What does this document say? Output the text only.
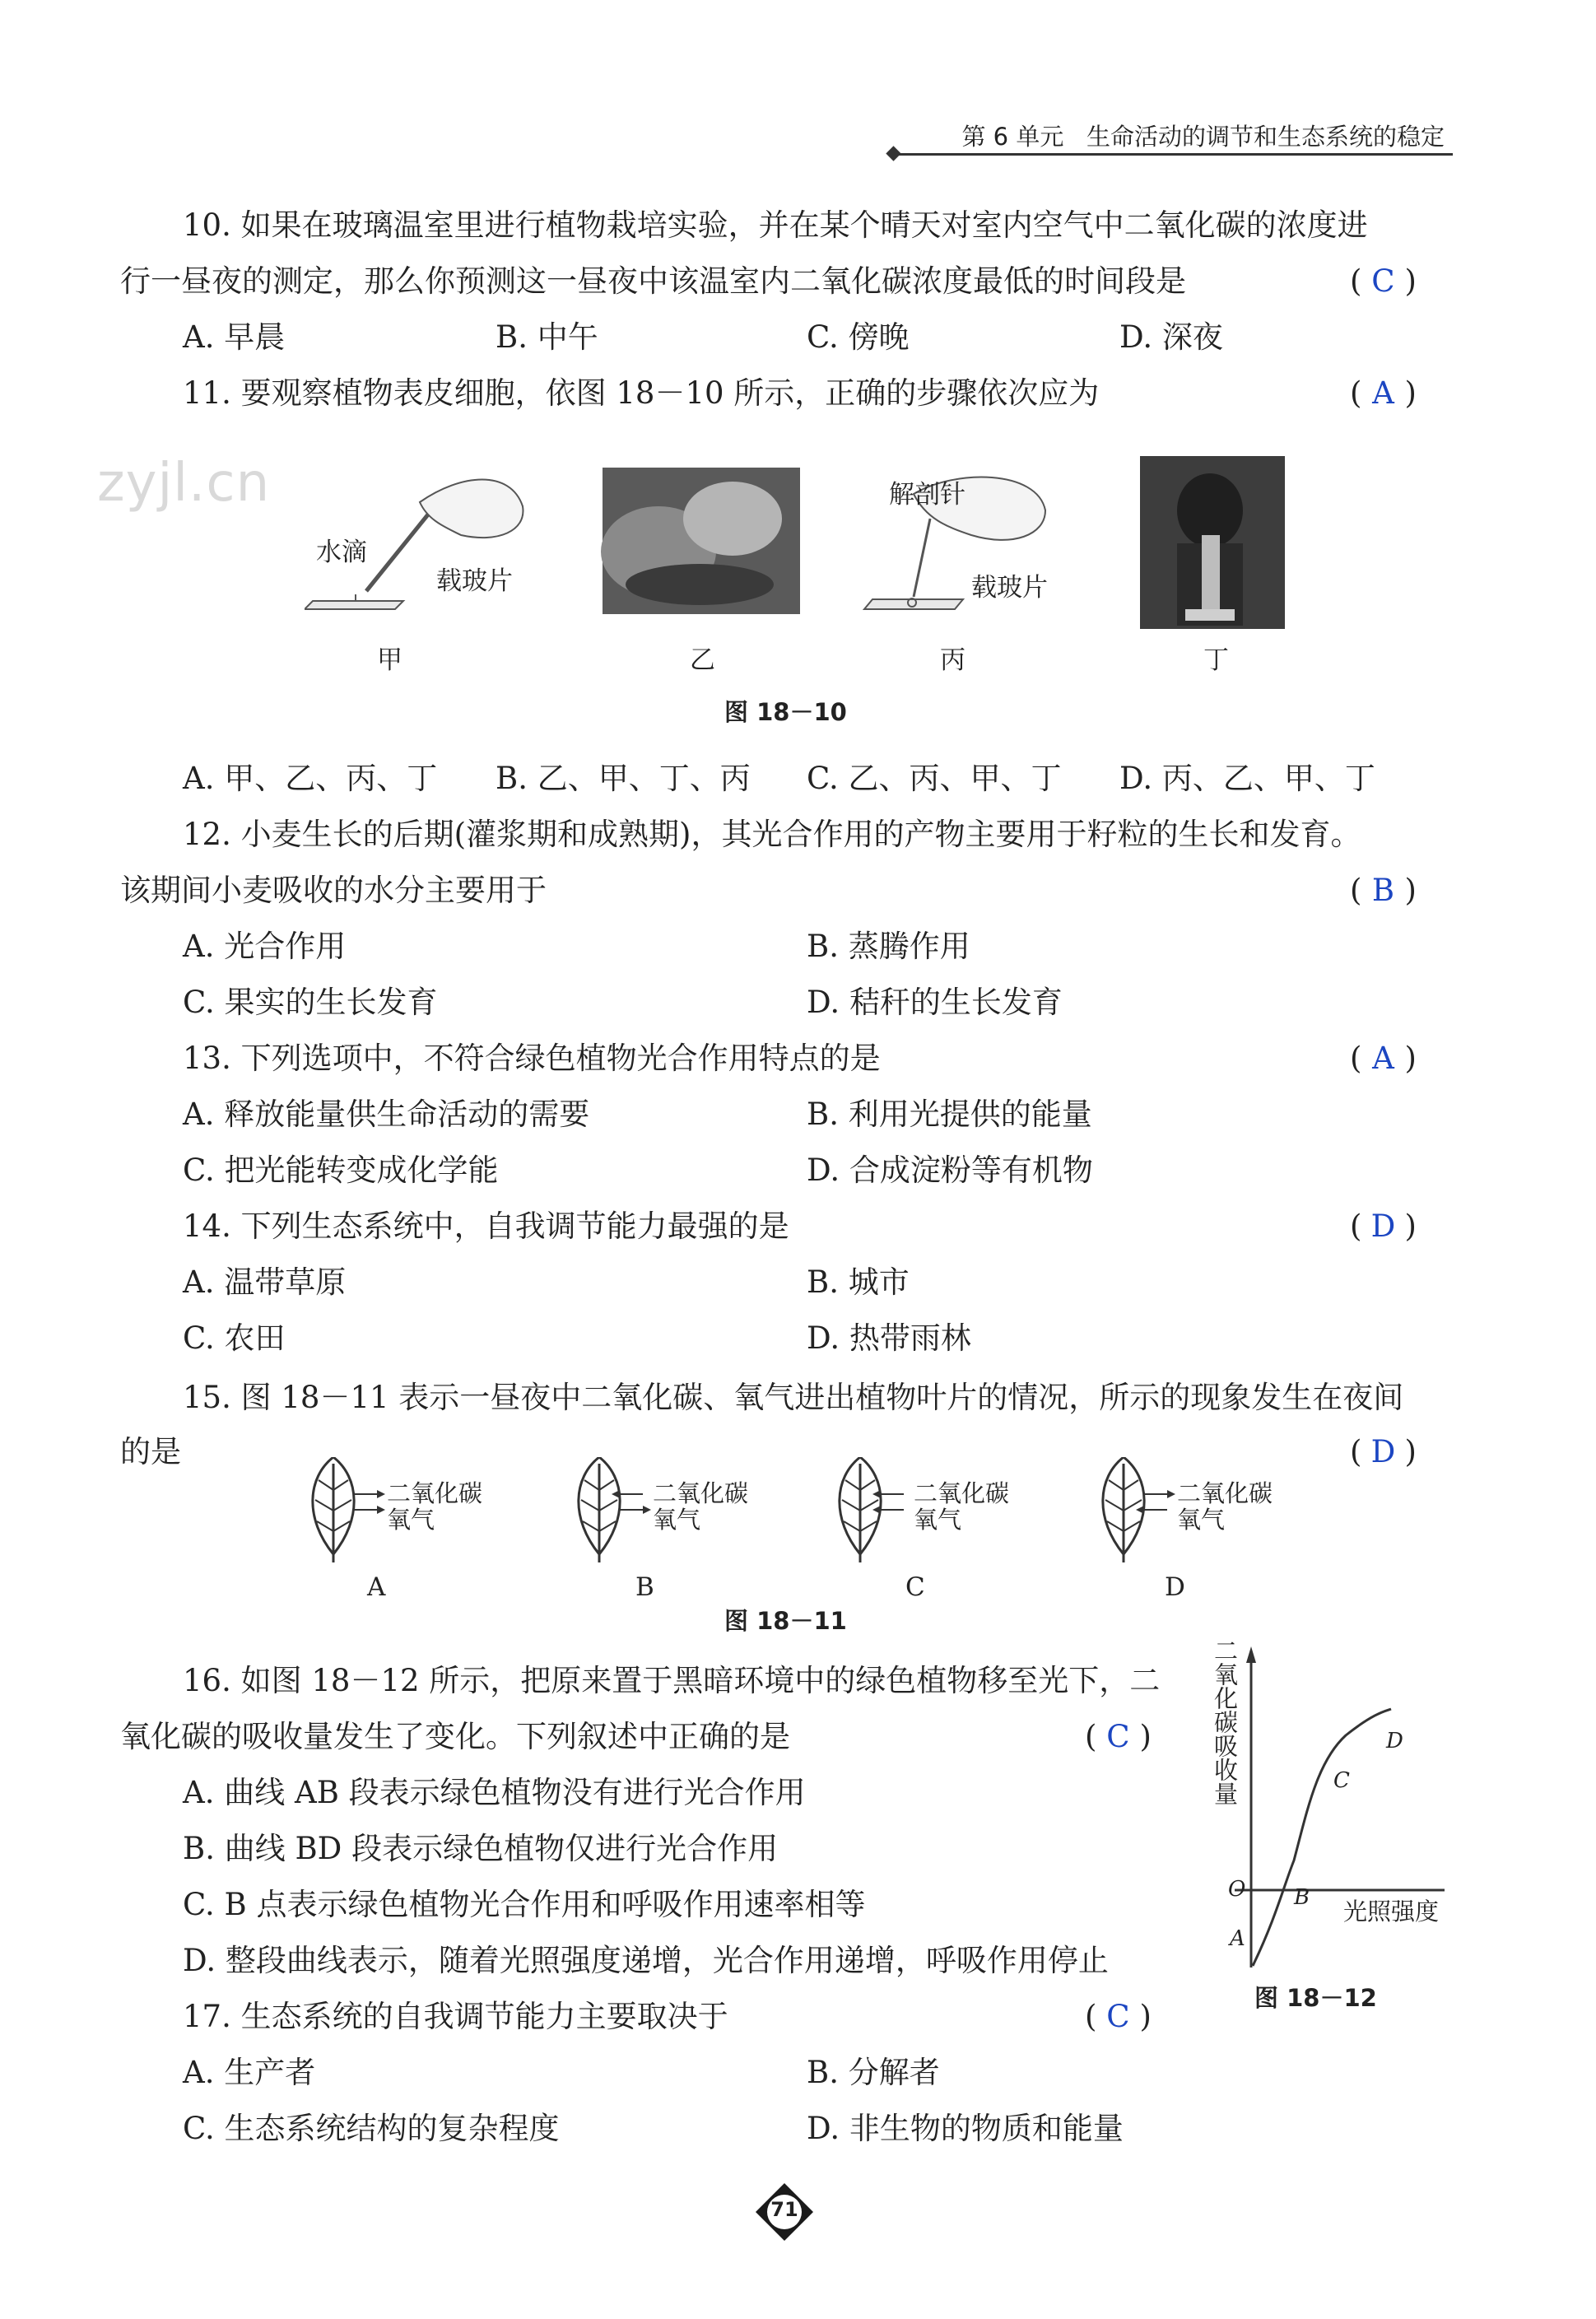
第 6 单元 生命活动的调节和生态系统的稳定
10. 如果在玻璃温室里进行植物栽培实验，并在某个晴天对室内空气中二氧化碳的浓度进
行一昼夜的测定，那么你预测这一昼夜中该温室内二氧化碳浓度最低的时间段是	( C )
A. 早晨	B. 中午	C. 傍晚	D. 深夜
11. 要观察植物表皮细胞，依图 18－10 所示，正确的步骤依次应为	( A )
zyjl.cn
水滴
载玻片
解剖针
载玻片
甲	乙	丙	丁
图 18－10
A. 甲、乙、丙、丁 B. 乙、甲、丁、丙 C. 乙、丙、甲、丁 D. 丙、乙、甲、丁
12. 小麦生长的后期(灌浆期和成熟期)，其光合作用的产物主要用于籽粒的生长和发育。
该期间小麦吸收的水分主要用于	( B )
A. 光合作用	B. 蒸腾作用
C. 果实的生长发育	D. 秸秆的生长发育
13. 下列选项中，不符合绿色植物光合作用特点的是	( A )
A. 释放能量供生命活动的需要	B. 利用光提供的能量
C. 把光能转变成化学能	D. 合成淀粉等有机物
14. 下列生态系统中，自我调节能力最强的是	( D )
A. 温带草原	B. 城市
C. 农田	D. 热带雨林
15. 图 18－11 表示一昼夜中二氧化碳、氧气进出植物叶片的情况，所示的现象发生在夜间
的是	( D )
二氧化碳
氧气
二氧化碳
氧气
二氧化碳
氧气
二氧化碳
氧气
A	B	C	D
图 18－11
16. 如图 18－12 所示，把原来置于黑暗环境中的绿色植物移至光下，二
氧化碳的吸收量发生了变化。下列叙述中正确的是	( C )
A. 曲线 AB 段表示绿色植物没有进行光合作用
B. 曲线 BD 段表示绿色植物仅进行光合作用
C. B 点表示绿色植物光合作用和呼吸作用速率相等
D. 整段曲线表示，随着光照强度递增，光合作用递增，呼吸作用停止
二氧化碳吸收量
光照强度
O
A
B
C
D
图 18－12
17. 生态系统的自我调节能力主要取决于	( C )
A. 生产者	B. 分解者
C. 生态系统结构的复杂程度	D. 非生物的物质和能量
71
